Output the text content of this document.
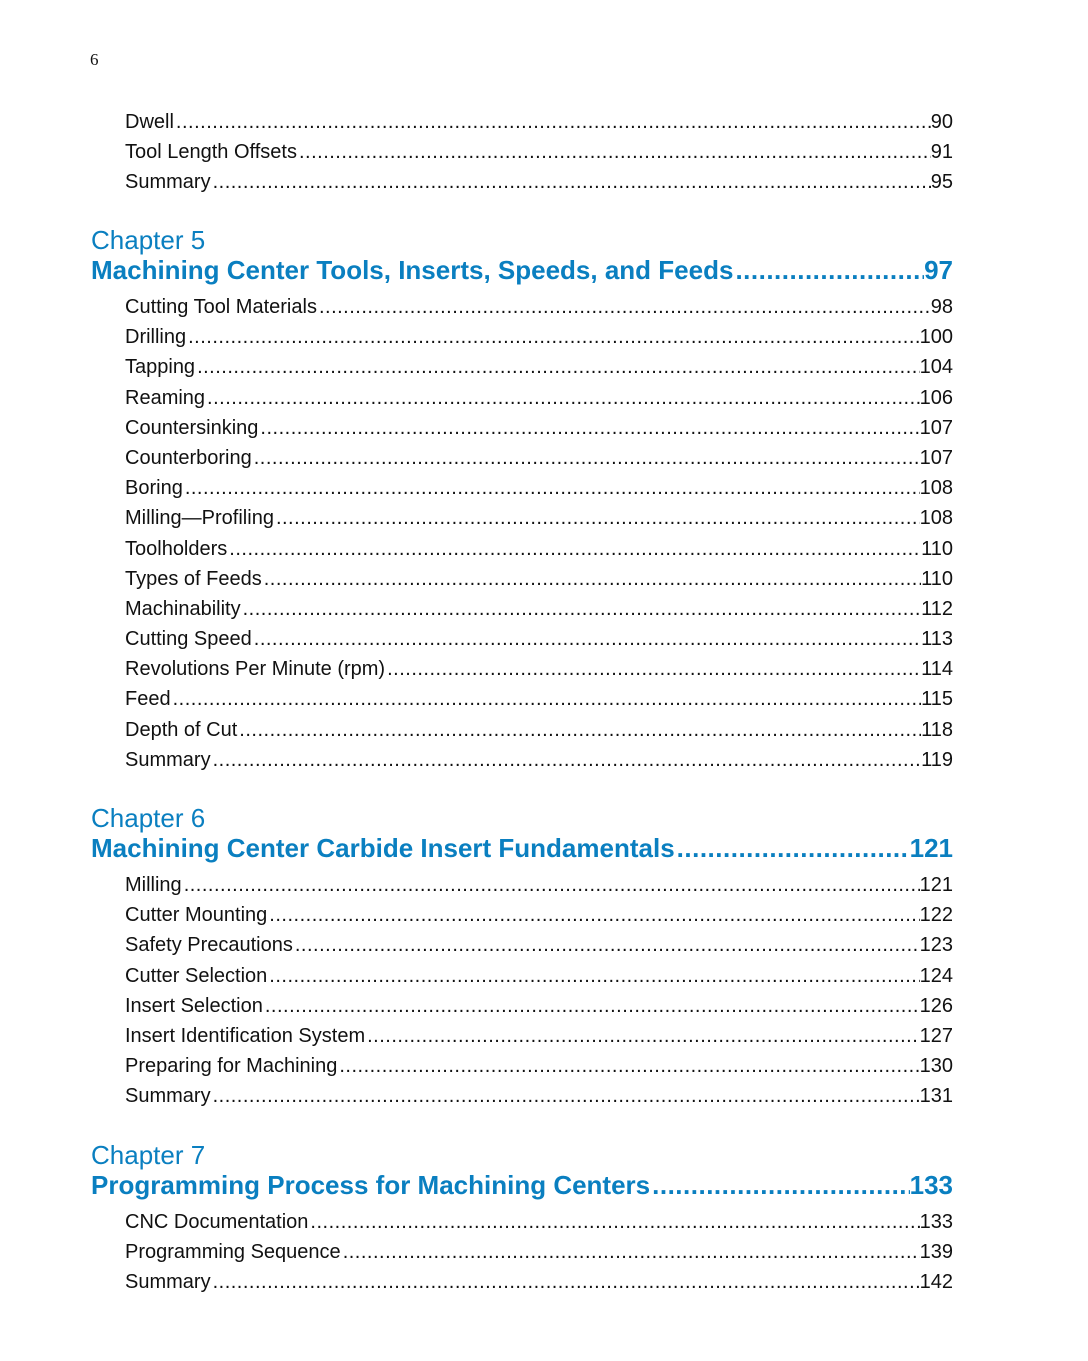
6
Dwell .....	90
Tool Length Offsets .....	91
Summary .....	95
Chapter 5
Machining Center Tools, Inserts, Speeds, and Feeds .....	97
Cutting Tool Materials .....	98
Drilling .....	100
Tapping .....	104
Reaming .....	106
Countersinking .....	107
Counterboring .....	107
Boring .....	108
Milling—Profiling .....	108
Toolholders .....	110
Types of Feeds .....	110
Machinability .....	112
Cutting Speed .....	113
Revolutions Per Minute (rpm) .....	114
Feed .....	115
Depth of Cut .....	118
Summary .....	119
Chapter 6
Machining Center Carbide Insert Fundamentals .....	121
Milling .....	121
Cutter Mounting .....	122
Safety Precautions .....	123
Cutter Selection .....	124
Insert Selection .....	126
Insert Identification System .....	127
Preparing for Machining .....	130
Summary .....	131
Chapter 7
Programming Process for Machining Centers .....	133
CNC Documentation .....	133
Programming Sequence .....	139
Summary .....	142
